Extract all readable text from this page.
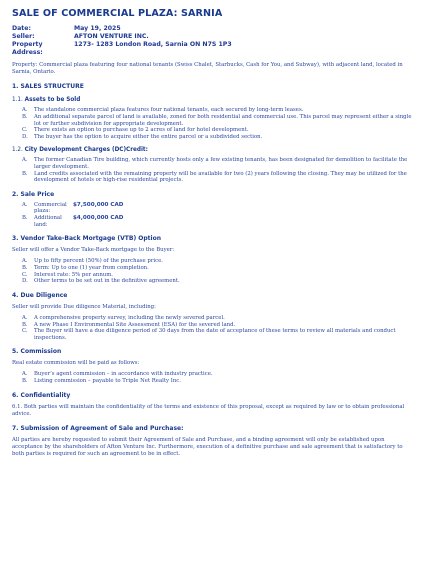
SALE OF COMMERCIAL PLAZA: SARNIA
Date:	May 19, 2025
Seller:	AFTON VENTURE INC.
Property Address:
1273- 1283 London Road, Sarnia ON N7S 1P3

Property: Commercial plaza featuring four national tenants (Swiss Chalet, Starbucks, Cash for You, and Subway), with adjacent land, located in Sarnia, Ontario.

1. SALES STRUCTURE
1.1. Assets to be Sold
A. The standalone commercial plaza features four national tenants, each secured by long-term leases.
B. An additional separate parcel of land is available, zoned for both residential and commercial use. This parcel may represent either a single lot or further subdivision for appropriate development.
C. There exists an option to purchase up to 2 acres of land for hotel development.
D. The buyer has the option to acquire either the entire parcel or a subdivided section.
1.2. City Development Charges (DC)Credit:
A. The former Canadian Tire building, which currently hosts only a few existing tenants, has been designated for demolition to facilitate the larger development.
B. Land credits associated with the remaining property will be available for two (2) years following the closing. They may be utilized for the development of hotels or high-rise residential projects.
2. Sale Price
A. Commercial plaza:
$7,500,000 CAD
B. Additional land:
$4,000,000 CAD
3. Vendor Take-Back Mortgage (VTB) Option

Seller will offer a Vendor Take-Back mortgage to the Buyer:

A. Up to fifty percent (50%) of the purchase price.
B. Term: Up to one (1) year from completion.
C. Interest rate: 5% per annum.
D. Other terms to be set out in the definitive agreement.
4. Due Diligence

Seller will provide Due diligence Material, including:

A. A comprehensive property survey, including the newly severed parcel.
B. A new Phase I Environmental Site Assessment (ESA) for the severed land.
C. The Buyer will have a due diligence period of 30 days from the date of acceptance of these terms to review all materials and conduct inspections.
5. Commission

Real estate commission will be paid as follows:

A. Buyer’s agent commission – in accordance with industry practice.
B. Listing commission – payable to Triple Net Realty Inc.
6. Confidentiality

6.1. Both parties will maintain the confidentiality of the terms and existence of this proposal, except as required by law or to obtain professional advice.

7. Submission of Agreement of Sale and Purchase:

All parties are hereby requested to submit their Agreement of Sale and Purchase, and a binding agreement will only be established upon acceptance by the shareholders of Afton Venture Inc. Furthermore, execution of a definitive purchase and sale agreement that is satisfactory to both parties is required for such an agreement to be in effect.
